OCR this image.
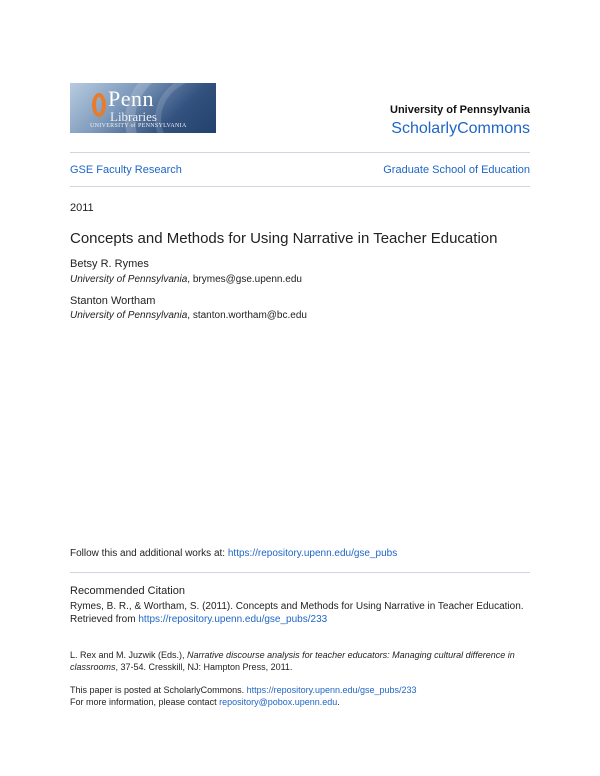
Penn
Libraries
UNIVERSITY of PENNSYLVANIA
University of Pennsylvania
ScholarlyCommons
GSE Faculty Research	Graduate School of Education
2011
Concepts and Methods for Using Narrative in Teacher Education
Betsy R. Rymes
University of Pennsylvania, brymes@gse.upenn.edu
Stanton Wortham
University of Pennsylvania, stanton.wortham@bc.edu
Follow this and additional works at: https://repository.upenn.edu/gse_pubs
Recommended Citation
Rymes, B. R., & Wortham, S. (2011). Concepts and Methods for Using Narrative in Teacher Education.
Retrieved from https://repository.upenn.edu/gse_pubs/233
L. Rex and M. Juzwik (Eds.), Narrative discourse analysis for teacher educators: Managing cultural difference in classrooms, 37-54. Cresskill, NJ: Hampton Press, 2011.
This paper is posted at ScholarlyCommons. https://repository.upenn.edu/gse_pubs/233
For more information, please contact repository@pobox.upenn.edu.
